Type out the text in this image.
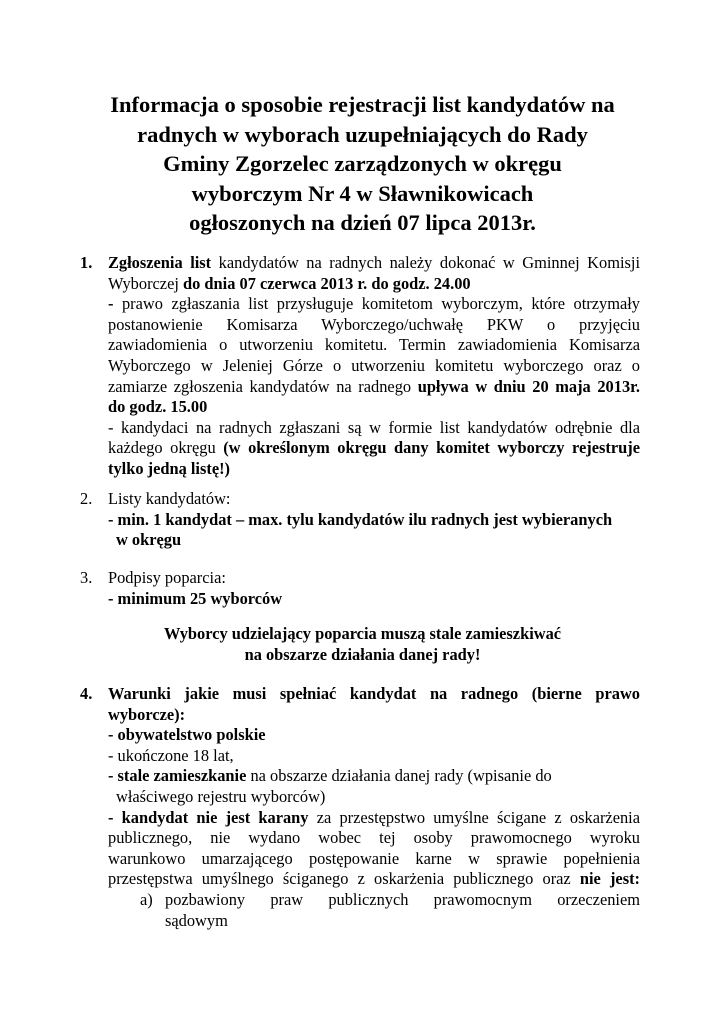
Informacja o sposobie rejestracji list kandydatów na
radnych w wyborach uzupełniających do Rady
Gminy Zgorzelec zarządzonych w okręgu
wyborczym Nr 4 w Sławnikowicach
ogłoszonych na dzień 07 lipca 2013r.
1. Zgłoszenia list kandydatów na radnych należy dokonać w Gminnej Komisji
Wyborczej do dnia 07 czerwca 2013 r. do godz. 24.00
- prawo zgłaszania list przysługuje komitetom wyborczym, które otrzymały
postanowienie Komisarza Wyborczego/uchwałę PKW o przyjęciu
zawiadomienia o utworzeniu komitetu. Termin zawiadomienia Komisarza
Wyborczego w Jeleniej Górze o utworzeniu komitetu wyborczego oraz o
zamiarze zgłoszenia kandydatów na radnego upływa w dniu 20 maja 2013r.
do godz. 15.00
- kandydaci na radnych zgłaszani są w formie list kandydatów odrębnie dla
każdego okręgu (w określonym okręgu dany komitet wyborczy rejestruje
tylko jedną listę!)
2. Listy kandydatów:
- min. 1 kandydat – max. tylu kandydatów ilu radnych jest wybieranych
w okręgu
3. Podpisy poparcia:
- minimum 25 wyborców
Wyborcy udzielający poparcia muszą stale zamieszkiwać
na obszarze działania danej rady!
4. Warunki jakie musi spełniać kandydat na radnego (bierne prawo
wyborcze):
- obywatelstwo polskie
- ukończone 18 lat,
- stale zamieszkanie na obszarze działania danej rady (wpisanie do
właściwego rejestru wyborców)
- kandydat nie jest karany za przestępstwo umyślne ścigane z oskarżenia
publicznego, nie wydano wobec tej osoby prawomocnego wyroku
warunkowo umarzającego postępowanie karne w sprawie popełnienia
przestępstwa umyślnego ściganego z oskarżenia publicznego oraz nie jest:
a) pozbawiony praw publicznych prawomocnym orzeczeniem
sądowym
